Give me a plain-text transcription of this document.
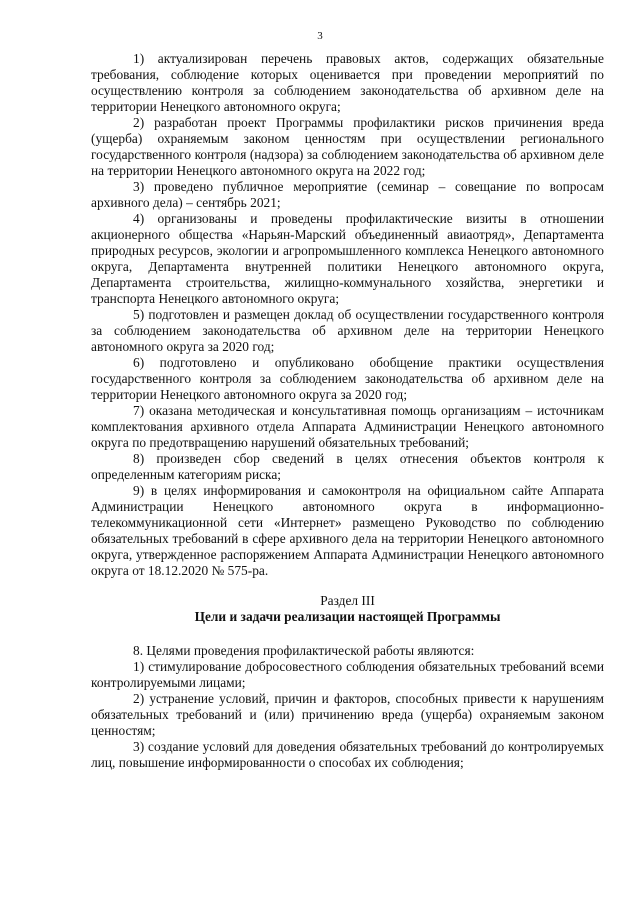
3

1) актуализирован перечень правовых актов, содержащих обязательные требования, соблюдение которых оценивается при проведении мероприятий по осуществлению контроля за соблюдением законодательства об архивном деле на территории Ненецкого автономного округа;

2) разработан проект Программы профилактики рисков причинения вреда (ущерба) охраняемым законом ценностям при осуществлении регионального государственного контроля (надзора) за соблюдением законодательства об архивном деле на территории Ненецкого автономного округа на 2022 год;

3) проведено публичное мероприятие (семинар – совещание по вопросам архивного дела) – сентябрь 2021;

4) организованы и проведены профилактические визиты в отношении акционерного общества «Нарьян-Марский объединенный авиаотряд», Департамента природных ресурсов, экологии и агропромышленного комплекса Ненецкого автономного округа, Департамента внутренней политики Ненецкого автономного округа, Департамента строительства, жилищно-коммунального хозяйства, энергетики и транспорта Ненецкого автономного округа;

5) подготовлен и размещен доклад об осуществлении государственного контроля за соблюдением законодательства об архивном деле на территории Ненецкого автономного округа за 2020 год;

6) подготовлено и опубликовано обобщение практики осуществления государственного контроля за соблюдением законодательства об архивном деле на территории Ненецкого автономного округа за 2020 год;

7) оказана методическая и консультативная помощь организациям – источникам комплектования архивного отдела Аппарата Администрации Ненецкого автономного округа по предотвращению нарушений обязательных требований;

8) произведен сбор сведений в целях отнесения объектов контроля к определенным категориям риска;

9) в целях информирования и самоконтроля на официальном сайте Аппарата Администрации Ненецкого автономного округа в информационно-телекоммуникационной сети «Интернет» размещено Руководство по соблюдению обязательных требований в сфере архивного дела на территории Ненецкого автономного округа, утвержденное распоряжением Аппарата Администрации Ненецкого автономного округа от 18.12.2020 № 575-ра.

Раздел III
Цели и задачи реализации настоящей Программы

8. Целями проведения профилактической работы являются:

1) стимулирование добросовестного соблюдения обязательных требований всеми контролируемыми лицами;

2) устранение условий, причин и факторов, способных привести к нарушениям обязательных требований и (или) причинению вреда (ущерба) охраняемым законом ценностям;

3) создание условий для доведения обязательных требований до контролируемых лиц, повышение информированности о способах их соблюдения;
